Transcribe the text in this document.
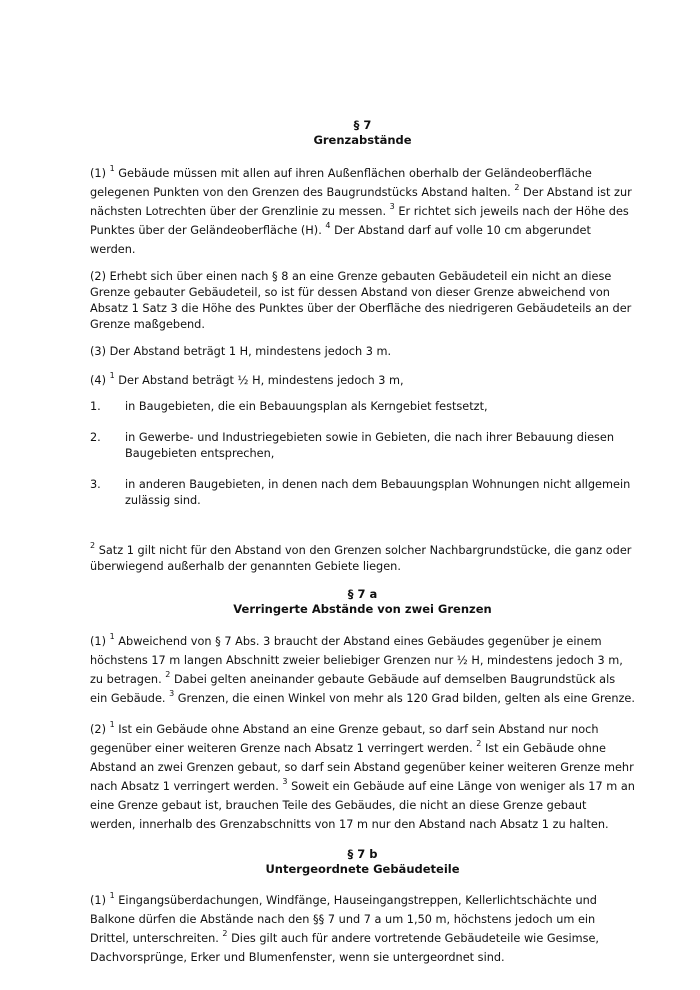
§ 7
Grenzabstände

(1) $^1$ Gebäude müssen mit allen auf ihren Außenflächen oberhalb der Geländeoberfläche gelegenen Punkten von den Grenzen des Baugrundstücks Abstand halten. $^2$ Der Abstand ist zur nächsten Lotrechten über der Grenzlinie zu messen. $^3$ Er richtet sich jeweils nach der Höhe des Punktes über der Geländeoberfläche (H). $^4$ Der Abstand darf auf volle 10 cm abgerundet werden.

(2) Erhebt sich über einen nach § 8 an eine Grenze gebauten Gebäudeteil ein nicht an diese Grenze gebauter Gebäudeteil, so ist für dessen Abstand von dieser Grenze abweichend von Absatz 1 Satz 3 die Höhe des Punktes über der Oberfläche des niedrigeren Gebäudeteils an der Grenze maßgebend.

(3) Der Abstand beträgt 1 H, mindestens jedoch 3 m.

(4) $^1$ Der Abstand beträgt ½ H, mindestens jedoch 3 m,

1.	in Baugebieten, die ein Bebauungsplan als Kerngebiet festsetzt,
2.	in Gewerbe- und Industriegebieten sowie in Gebieten, die nach ihrer Bebauung diesen Baugebieten entsprechen,
3.	in anderen Baugebieten, in denen nach dem Bebauungsplan Wohnungen nicht allgemein zulässig sind.

$^2$ Satz 1 gilt nicht für den Abstand von den Grenzen solcher Nachbargrundstücke, die ganz oder überwiegend außerhalb der genannten Gebiete liegen.

§ 7 a
Verringerte Abstände von zwei Grenzen

(1) $^1$ Abweichend von § 7 Abs. 3 braucht der Abstand eines Gebäudes gegenüber je einem höchstens 17 m langen Abschnitt zweier beliebiger Grenzen nur ½ H, mindestens jedoch 3 m, zu betragen. $^2$ Dabei gelten aneinander gebaute Gebäude auf demselben Baugrundstück als ein Gebäude. $^3$ Grenzen, die einen Winkel von mehr als 120 Grad bilden, gelten als eine Grenze.

(2) $^1$ Ist ein Gebäude ohne Abstand an eine Grenze gebaut, so darf sein Abstand nur noch gegenüber einer weiteren Grenze nach Absatz 1 verringert werden. $^2$ Ist ein Gebäude ohne Abstand an zwei Grenzen gebaut, so darf sein Abstand gegenüber keiner weiteren Grenze mehr nach Absatz 1 verringert werden. $^3$ Soweit ein Gebäude auf eine Länge von weniger als 17 m an eine Grenze gebaut ist, brauchen Teile des Gebäudes, die nicht an diese Grenze gebaut werden, innerhalb des Grenzabschnitts von 17 m nur den Abstand nach Absatz 1 zu halten.

§ 7 b
Untergeordnete Gebäudeteile

(1) $^1$ Eingangsüberdachungen, Windfänge, Hauseingangstreppen, Kellerlichtschächte und Balkone dürfen die Abstände nach den §§ 7 und 7 a um 1,50 m, höchstens jedoch um ein Drittel, unterschreiten. $^2$ Dies gilt auch für andere vortretende Gebäudeteile wie Gesimse, Dachvorsprünge, Erker und Blumenfenster, wenn sie untergeordnet sind.
